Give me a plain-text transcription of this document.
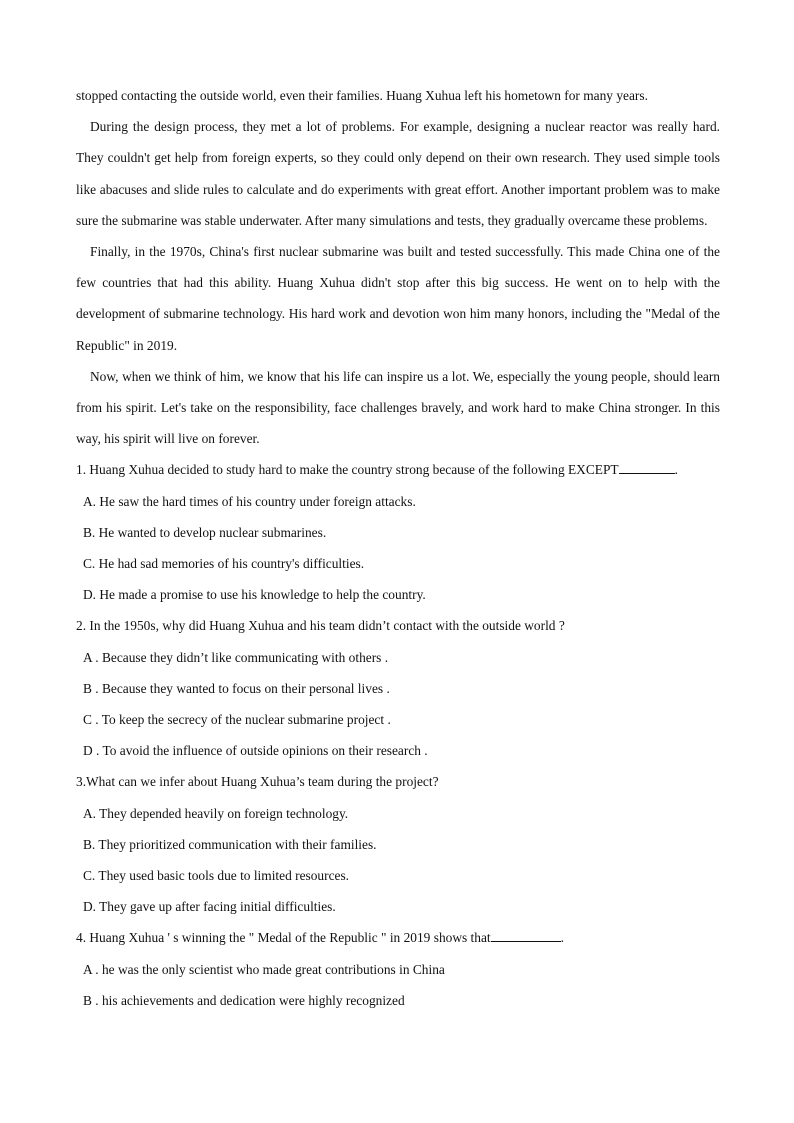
stopped contacting the outside world, even their families. Huang Xuhua left his hometown for many years.

During the design process, they met a lot of problems. For example, designing a nuclear reactor was really hard. They couldn't get help from foreign experts, so they could only depend on their own research. They used simple tools like abacuses and slide rules to calculate and do experiments with great effort. Another important problem was to make sure the submarine was stable underwater. After many simulations and tests, they gradually overcame these problems.

Finally, in the 1970s, China's first nuclear submarine was built and tested successfully. This made China one of the few countries that had this ability. Huang Xuhua didn't stop after this big success. He went on to help with the development of submarine technology. His hard work and devotion won him many honors, including the "Medal of the Republic" in 2019.

Now, when we think of him, we know that his life can inspire us a lot. We, especially the young people, should learn from his spirit. Let's take on the responsibility, face challenges bravely, and work hard to make China stronger. In this way, his spirit will live on forever.

1. Huang Xuhua decided to study hard to make the country strong because of the following EXCEPT	.

A. He saw the hard times of his country under foreign attacks.

B. He wanted to develop nuclear submarines.

C. He had sad memories of his country's difficulties.

D. He made a promise to use his knowledge to help the country.

2. In the 1950s, why did Huang Xuhua and his team didn’t contact with the outside world ?

A . Because they didn’t like communicating with others .

B . Because they wanted to focus on their personal lives .

C . To keep the secrecy of the nuclear submarine project .

D . To avoid the influence of outside opinions on their research .

3.What can we infer about Huang Xuhua’s team during the project?

A. They depended heavily on foreign technology.

B. They prioritized communication with their families.

C. They used basic tools due to limited resources.

D. They gave up after facing initial difficulties.

4. Huang Xuhua ' s winning the " Medal of the Republic " in 2019 shows that	.

A . he was the only scientist who made great contributions in China

B . his achievements and dedication were highly recognized
